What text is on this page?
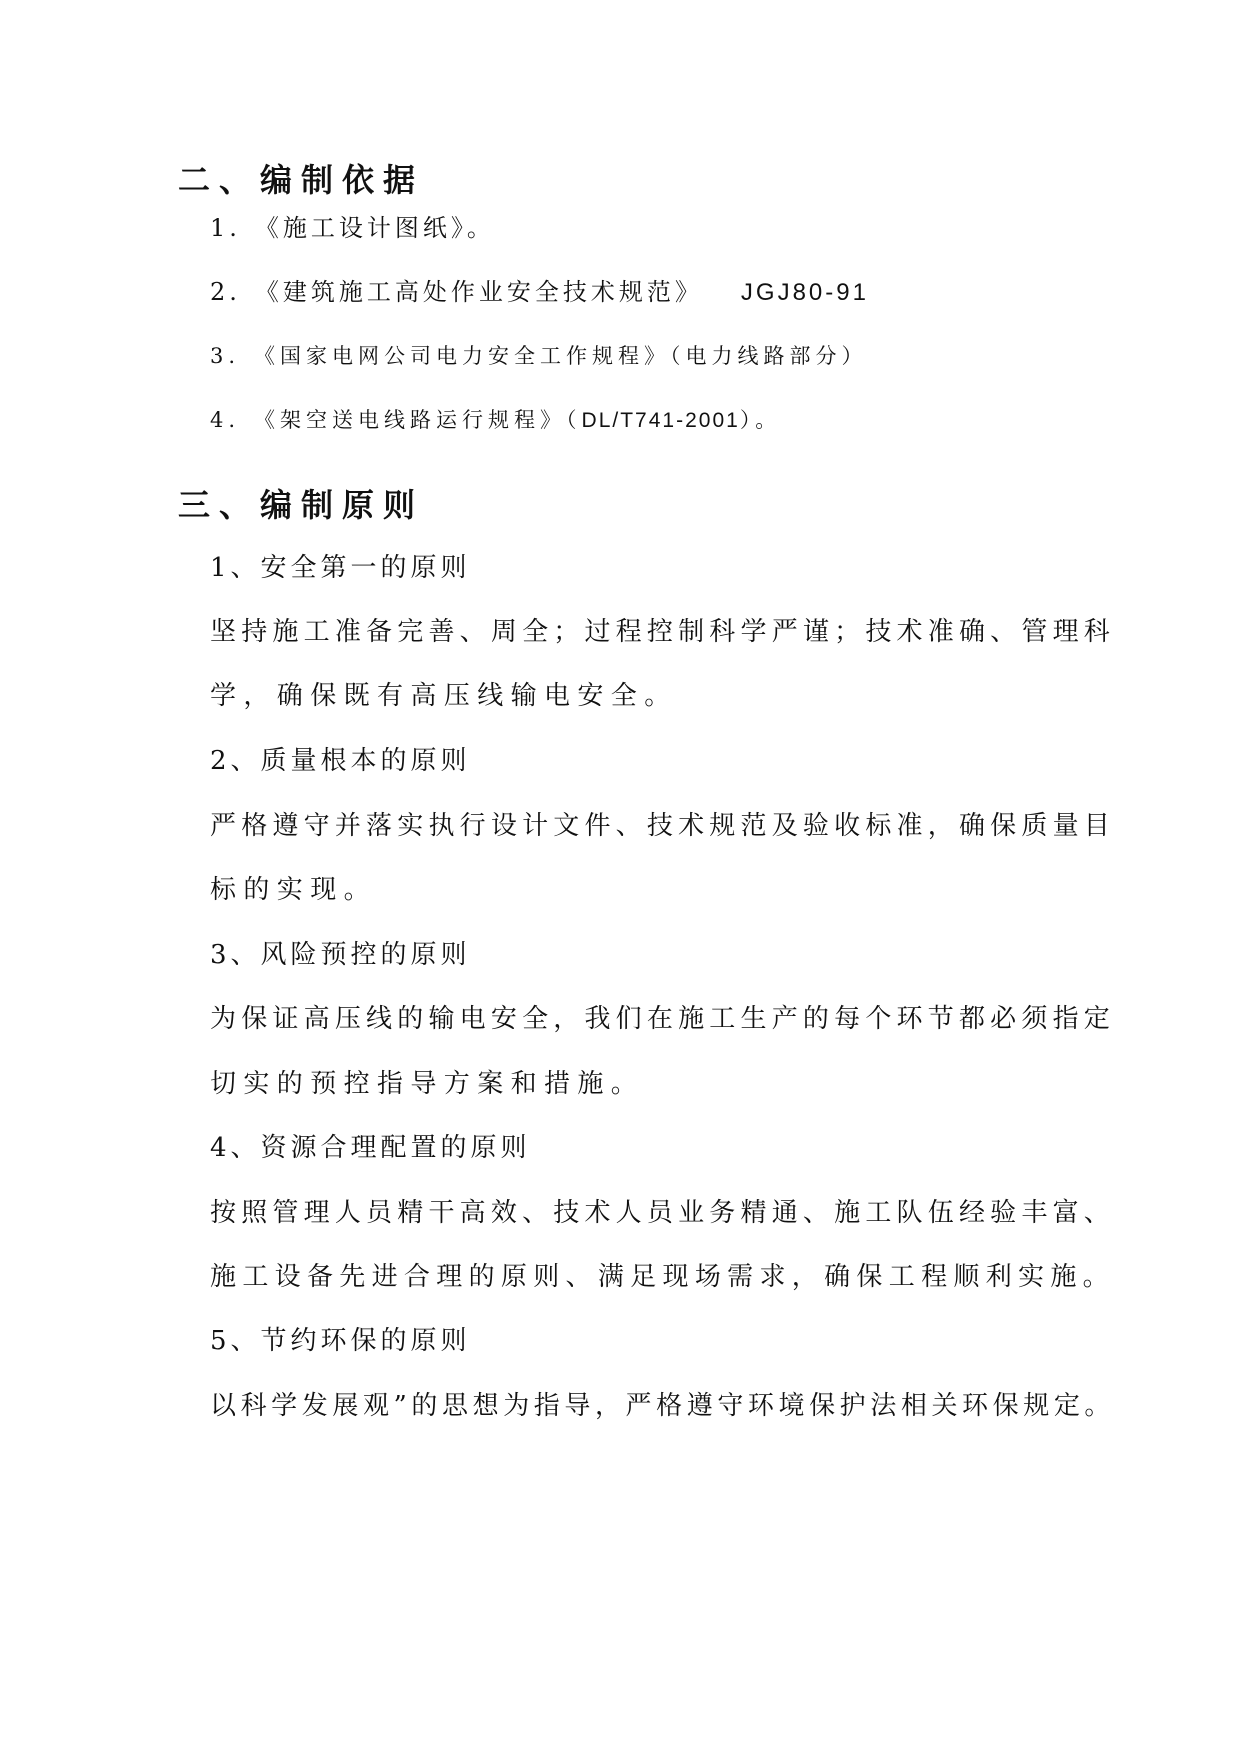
二、编制依据

1. 《施工设计图纸》。

2. 《建筑施工高处作业安全技术规范》 JGJ80-91

3. 《国家电网公司电力安全工作规程》（电力线路部分）

4. 《架空送电线路运行规程》（DL/T741-2001）。

三、编制原则

1、安全第一的原则

坚持施工准备完善、周全；过程控制科学严谨；技术准确、管理科

学，确保既有高压线输电安全。

2、质量根本的原则

严格遵守并落实执行设计文件、技术规范及验收标准，确保质量目

标的实现。

3、风险预控的原则

为保证高压线的输电安全，我们在施工生产的每个环节都必须指定

切实的预控指导方案和措施。

4、资源合理配置的原则

按照管理人员精干高效、技术人员业务精通、施工队伍经验丰富、

施工设备先进合理的原则、满足现场需求，确保工程顺利实施。

5、节约环保的原则

以科学发展观”的思想为指导，严格遵守环境保护法相关环保规定。
